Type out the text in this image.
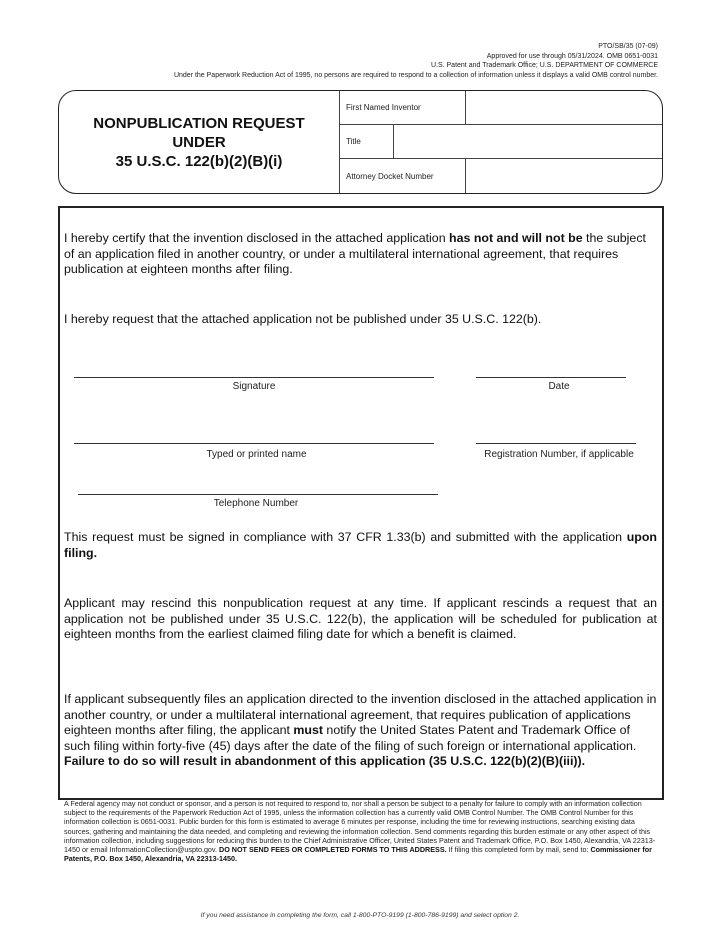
PTO/SB/35 (07-09)
Approved for use through 05/31/2024. OMB 0651-0031
U.S. Patent and Trademark Office; U.S. DEPARTMENT OF COMMERCE
Under the Paperwork Reduction Act of 1995, no persons are required to respond to a collection of information unless it displays a valid OMB control number.
NONPUBLICATION REQUEST
UNDER
35 U.S.C. 122(b)(2)(B)(i)
First Named Inventor
Title
Attorney Docket Number
I hereby certify that the invention disclosed in the attached application has not and will not be the subject of an application filed in another country, or under a multilateral international agreement, that requires publication at eighteen months after filing.
I hereby request that the attached application not be published under 35 U.S.C. 122(b).
Signature	Date
Typed or printed name	Registration Number, if applicable
Telephone Number
This request must be signed in compliance with 37 CFR 1.33(b) and submitted with the application upon filing.
Applicant may rescind this nonpublication request at any time. If applicant rescinds a request that an application not be published under 35 U.S.C. 122(b), the application will be scheduled for publication at eighteen months from the earliest claimed filing date for which a benefit is claimed.
If applicant subsequently files an application directed to the invention disclosed in the attached application in another country, or under a multilateral international agreement, that requires publication of applications eighteen months after filing, the applicant must notify the United States Patent and Trademark Office of such filing within forty-five (45) days after the date of the filing of such foreign or international application. Failure to do so will result in abandonment of this application (35 U.S.C. 122(b)(2)(B)(iii)).
A Federal agency may not conduct or sponsor, and a person is not required to respond to, nor shall a person be subject to a penalty for failure to comply with an information collection subject to the requirements of the Paperwork Reduction Act of 1995, unless the information collection has a currently valid OMB Control Number. The OMB Control Number for this information collection is 0651-0031. Public burden for this form is estimated to average 6 minutes per response, including the time for reviewing instructions, searching existing data sources, gathering and maintaining the data needed, and completing and reviewing the information collection. Send comments regarding this burden estimate or any other aspect of this information collection, including suggestions for reducing this burden to the Chief Administrative Officer, United States Patent and Trademark Office, P.O. Box 1450, Alexandria, VA 22313-1450 or email InformationCollection@uspto.gov. DO NOT SEND FEES OR COMPLETED FORMS TO THIS ADDRESS. If filing this completed form by mail, send to: Commissioner for Patents, P.O. Box 1450, Alexandria, VA 22313-1450.
If you need assistance in completing the form, call 1-800-PTO-9199 (1-800-786-9199) and select option 2.
